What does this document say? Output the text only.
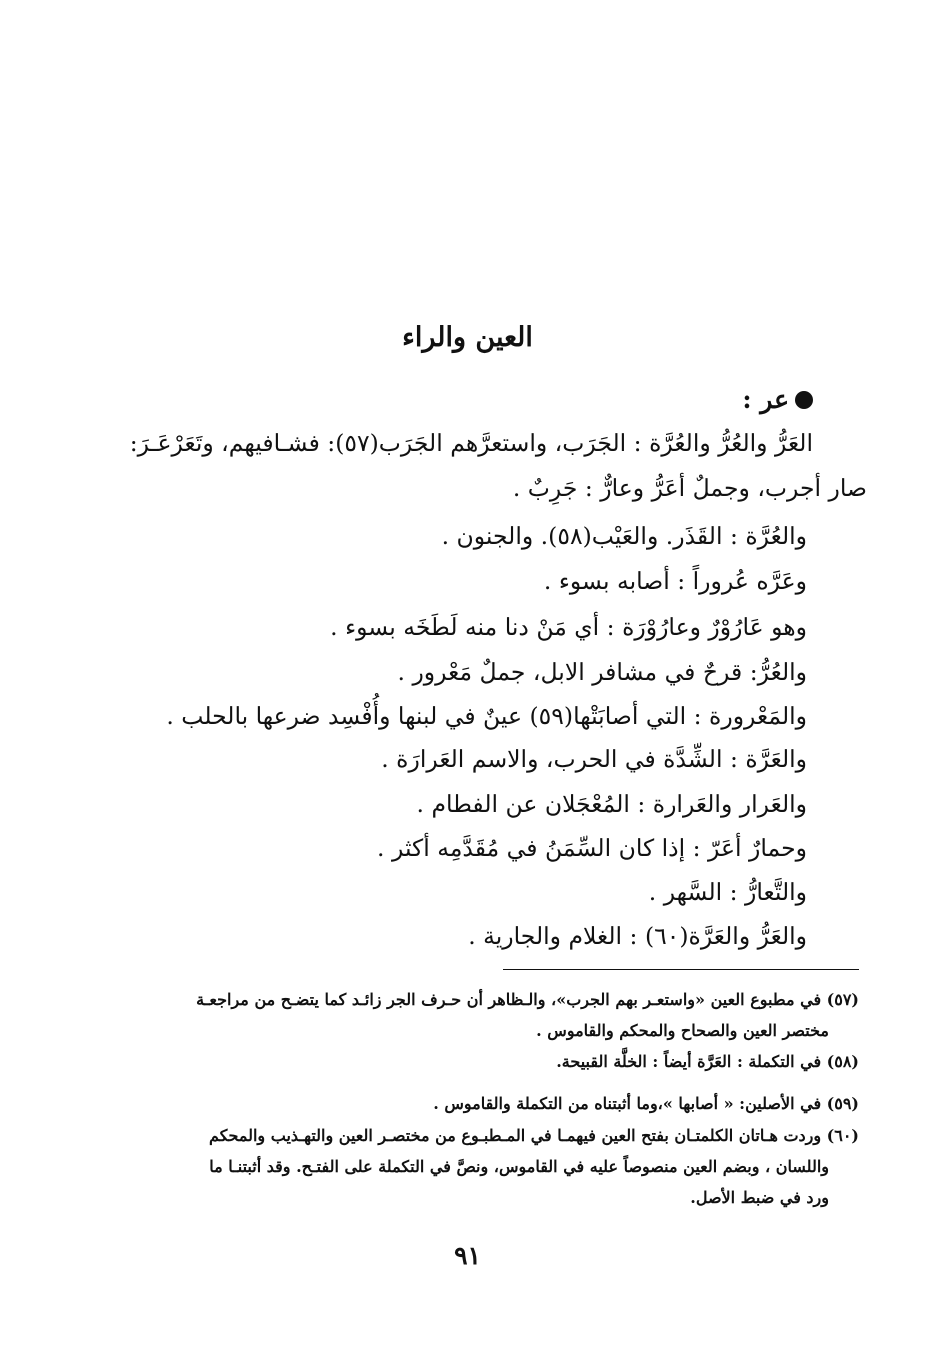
العين والراء
عر :

العَرُّ والعُرُّ والعُرَّة : الجَرَب، واستعرَّهم الجَرَب(٥٧): فشـافيهم، وتَعَرْعَـرَ:

صار أجرب، وجملٌ أعَرُّ وعارٌّ : جَرِبٌ .

والعُرَّة : القَذَر. والعَيْب(٥٨). والجنون .

وعَرَّه عُروراً : أصابه بسوء .

وهو عَارُوْرٌ وعارُوْرَة : أي مَنْ دنا منه لَطَخَه بسوء .

والعُرُّ: قرحٌ في مشافر الابل، جملٌ مَعْرور .

والمَعْرورة : التي أصابَتْها(٥٩) عينٌ في لبنها وأُفْسِد ضرعها بالحلب .

والعَرَّة : الشِّدَّة في الحرب، والاسم العَرارَة .

والعَرار والعَرارة : المُعْجَلان عن الفطام .

وحمارٌ أعَرّ : إذا كان السِّمَنُ في مُقَدَّمِه أكثر .

والتَّعارُّ : السَّهر .

والعَرُّ والعَرَّة(٦٠) : الغلام والجارية .

(٥٧) في مطبوع العين «واستعـر بهم الجرب»، والـظاهر أن حـرف الجر زائـد كما يتضـح من مراجعـة

مختصر العين والصحاح والمحكم والقاموس .

(٥٨) في التكملة : العَرَّة أيضاً : الخلَّة القبيحة.

(٥٩) في الأصلين: « أصابها »،وما أثبتناه من التكملة والقاموس .

(٦٠) وردت هـاتان الكلمتـان بفتح العين فيهمـا في المـطبـوع من مختصـر العين والتهـذيب والمحكم

واللسان ، وبضم العين منصوصاً عليه في القاموس، ونصَّ في التكملة على الفتـح. وقد أثبتنـا ما

ورد في ضبط الأصل.

٩١
